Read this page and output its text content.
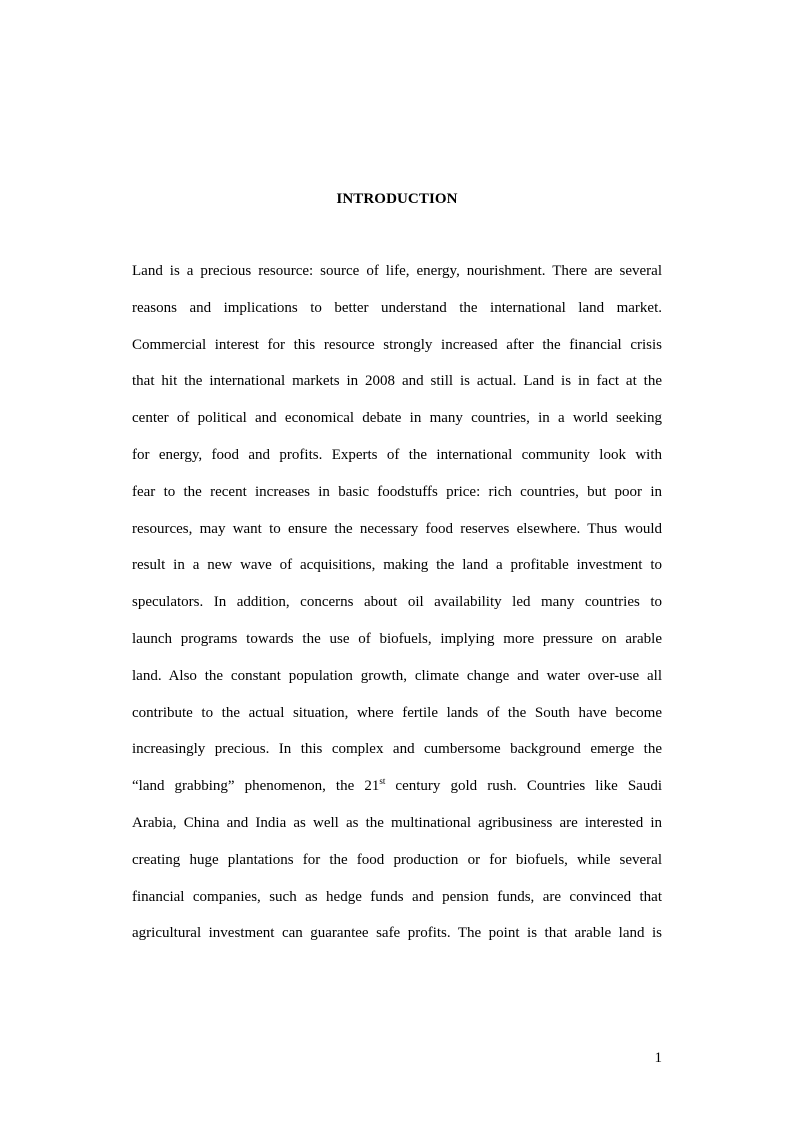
INTRODUCTION
Land is a precious resource: source of life, energy, nourishment. There are several
reasons and implications to better understand the international land market.
Commercial interest for this resource strongly increased after the financial crisis
that hit the international markets in 2008 and still is actual. Land is in fact at the
center of political and economical debate in many countries, in a world seeking
for energy, food and profits. Experts of the international community look with
fear to the recent increases in basic foodstuffs price: rich countries, but poor in
resources, may want to ensure the necessary food reserves elsewhere. Thus would
result in a new wave of acquisitions, making the land a profitable investment to
speculators. In addition, concerns about oil availability led many countries to
launch programs towards the use of biofuels, implying more pressure on arable
land. Also the constant population growth, climate change and water over-use all
contribute to the actual situation, where fertile lands of the South have become
increasingly precious. In this complex and cumbersome background emerge the
“land grabbing” phenomenon, the 21st century gold rush. Countries like Saudi
Arabia, China and India as well as the multinational agribusiness are interested in
creating huge plantations for the food production or for biofuels, while several
financial companies, such as hedge funds and pension funds, are convinced that
agricultural investment can guarantee safe profits. The point is that arable land is
1
